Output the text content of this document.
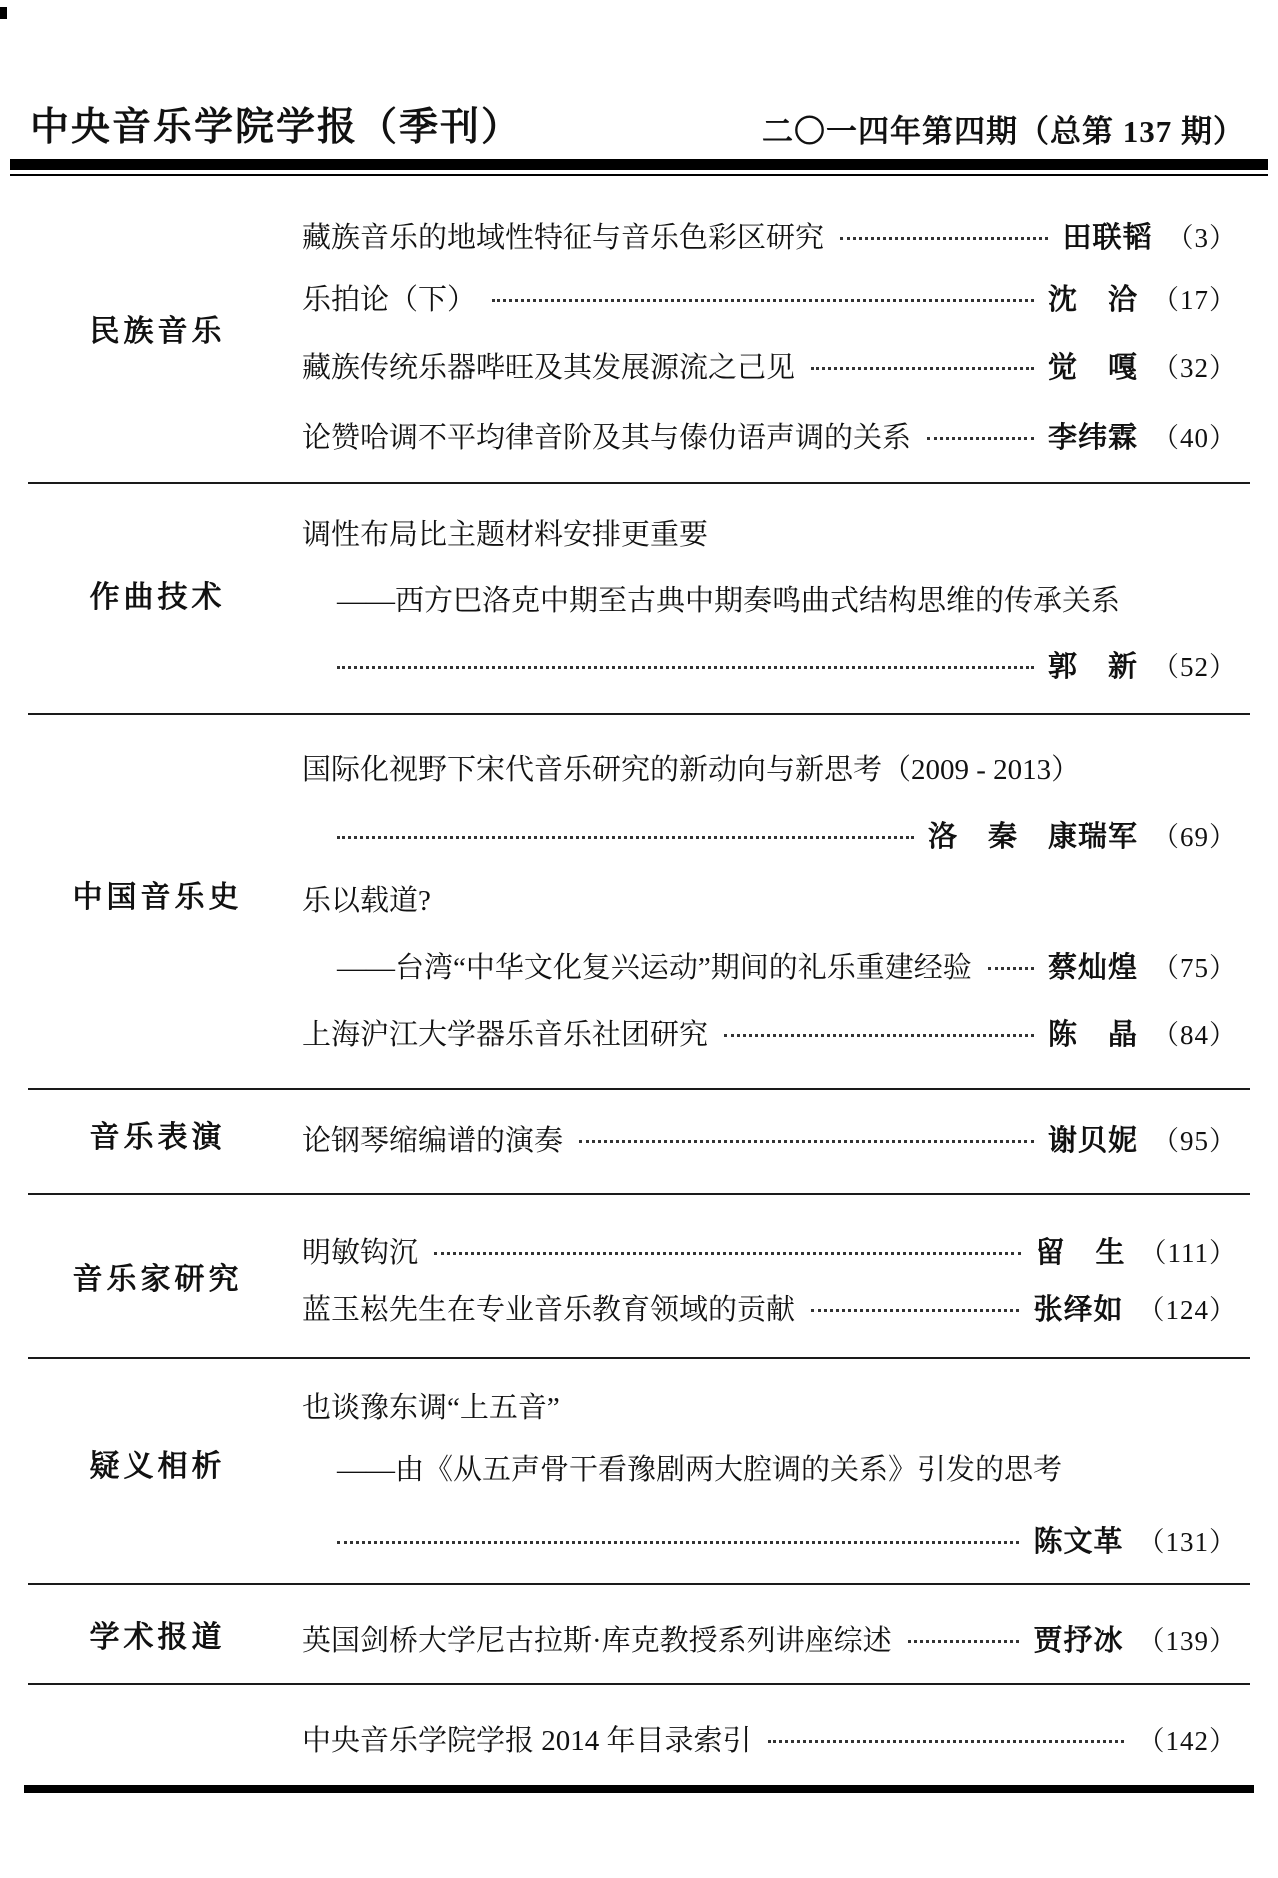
中央音乐学院学报（季刊）	二〇一四年第四期（总第 137 期）
民族音乐
藏族音乐的地域性特征与音乐色彩区研究	田联韬 （3）
乐拍论（下）	沈　洽 （17）
藏族传统乐器哔旺及其发展源流之己见	觉　嘎 （32）
论赞哈调不平均律音阶及其与傣仂语声调的关系	李纬霖 （40）
作曲技术
调性布局比主题材料安排更重要
——西方巴洛克中期至古典中期奏鸣曲式结构思维的传承关系
郭　新 （52）
中国音乐史
国际化视野下宋代音乐研究的新动向与新思考（2009 - 2013）
洛　秦　康瑞军 （69）
乐以载道?
——台湾“中华文化复兴运动”期间的礼乐重建经验	蔡灿煌 （75）
上海沪江大学器乐音乐社团研究	陈　晶 （84）
音乐表演	论钢琴缩编谱的演奏	谢贝妮 （95）
音乐家研究
明敏钩沉	留　生 （111）
蓝玉崧先生在专业音乐教育领域的贡献	张绎如 （124）
疑义相析
也谈豫东调“上五音”
——由《从五声骨干看豫剧两大腔调的关系》引发的思考
陈文革 （131）
学术报道	英国剑桥大学尼古拉斯·库克教授系列讲座综述	贾抒冰 （139）
中央音乐学院学报 2014 年目录索引	（142）
